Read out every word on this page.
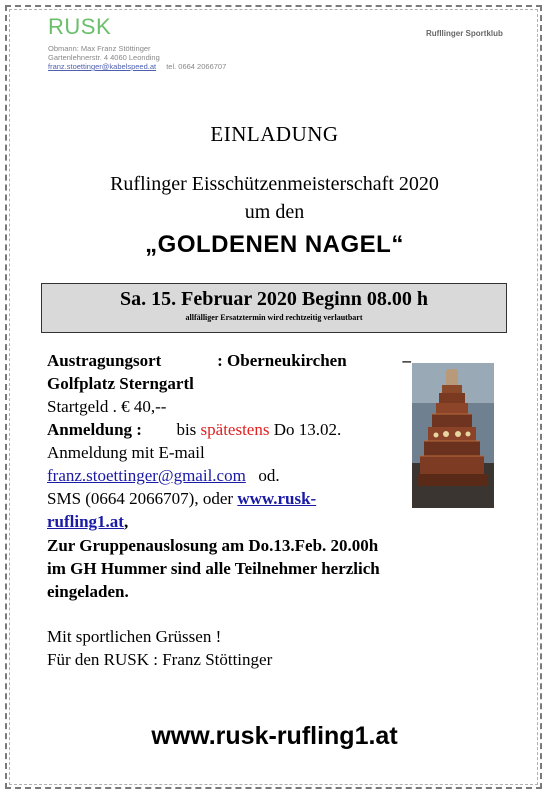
RUSK	Rufllinger Sportklub
Obmann: Max Franz Stöttinger
Gartenlehnerstr. 4 4060 Leonding
franz.stoettinger@kabelspeed.at tel. 0664 2066707
EINLADUNG
Ruflinger Eisschützenmeisterschaft 2020
um den
„GOLDENEN NAGEL“
Sa. 15. Februar 2020 Beginn 08.00 h
allfälliger Ersatztermin wird rechtzeitig verlautbart
Austragungsort	: Oberneukirchen	–
Golfplatz Sterngartl
Startgeld . € 40,--
Anmeldung : bis spätestens Do 13.02.
Anmeldung mit E-mail
franz.stoettinger@gmail.com od.
SMS (0664 2066707), oder www.rusk-
rufling1.at,
Zur Gruppenauslosung am Do.13.Feb. 20.00h
im GH Hummer sind alle Teilnehmer herzlich
eingeladen.
Mit sportlichen Grüssen !
Für den RUSK : Franz Stöttinger
www.rusk-rufling1.at
